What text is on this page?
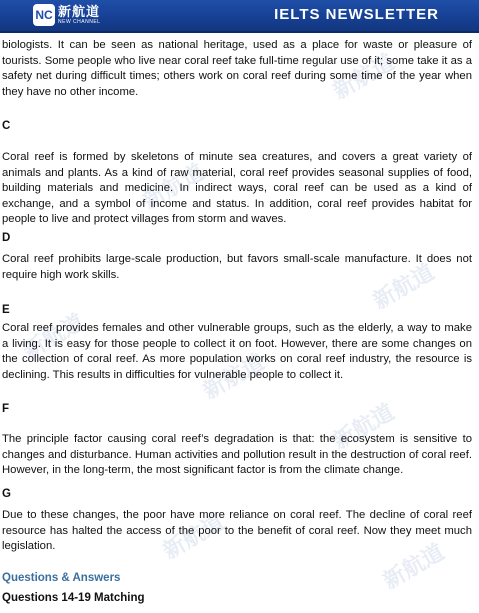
NC 新航道
NEW CHANNEL	IELTS NEWSLETTER
新航道
新航道
新航道
新航道
新航道
新航道
新航道
新航道

biologists. It can be seen as national heritage, used as a place for waste or pleasure of tourists. Some people who live near coral reef take full-time regular use of it; some take it as a safety net during difficult times; others work on coral reef during some time of the year when they have no other income.

C

Coral reef is formed by skeletons of minute sea creatures, and covers a great variety of animals and plants. As a kind of raw material, coral reef provides seasonal supplies of food, building materials and medicine. In indirect ways, coral reef can be used as a kind of exchange, and a symbol of income and status. In addition, coral reef provides habitat for people to live and protect villages from storm and waves.

D

Coral reef prohibits large-scale production, but favors small-scale manufacture. It does not require high work skills.

E

Coral reef provides females and other vulnerable groups, such as the elderly, a way to make a living. It is easy for those people to collect it on foot. However, there are some changes on the collection of coral reef. As more population works on coral reef industry, the resource is declining. This results in difficulties for vulnerable people to collect it.

F

The principle factor causing coral reef’s degradation is that: the ecosystem is sensitive to changes and disturbance. Human activities and pollution result in the destruction of coral reef. However, in the long-term, the most significant factor is from the climate change.

G

Due to these changes, the poor have more reliance on coral reef. The decline of coral reef resource has halted the access of the poor to the benefit of coral reef. Now they meet much legislation.

Questions & Answers
Questions 14-19 Matching
